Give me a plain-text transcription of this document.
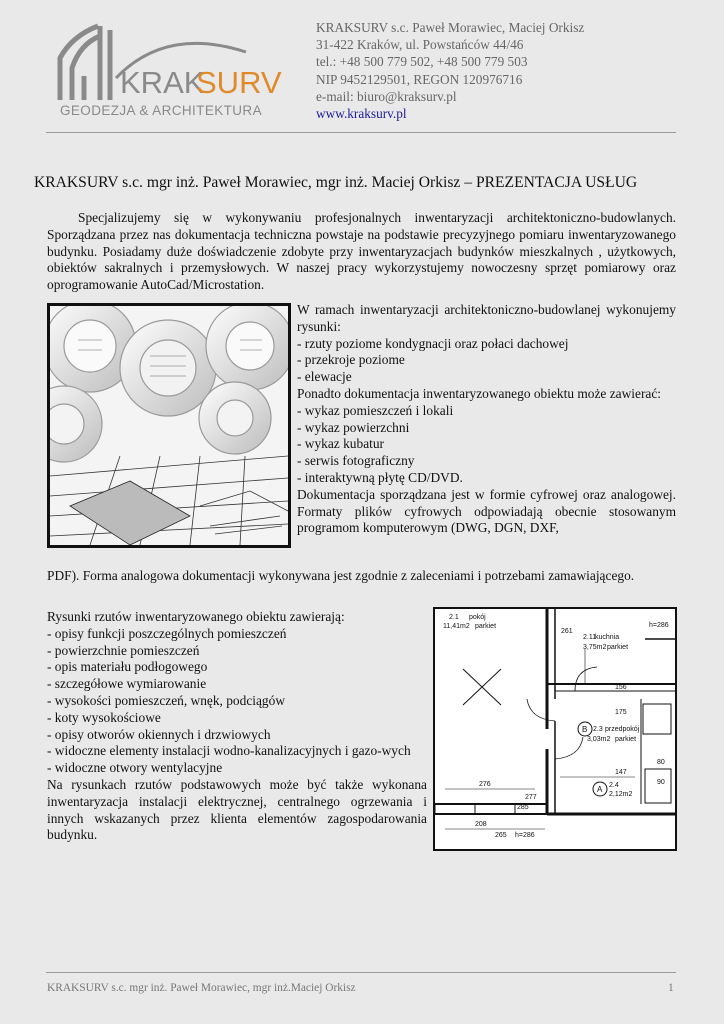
KRAK
SURV
GEODEZJA & ARCHITEKTURA
KRAKSURV s.c. Paweł Morawiec, Maciej Orkisz
31-422 Kraków, ul. Powstańców 44/46
tel.: +48 500 779 502, +48 500 779 503
NIP 9452129501, REGON 120976716
e-mail: biuro@kraksurv.pl
www.kraksurv.pl
KRAKSURV s.c. mgr inż. Paweł Morawiec, mgr inż. Maciej Orkisz – PREZENTACJA USŁUG
Specjalizujemy się w wykonywaniu profesjonalnych inwentaryzacji architektoniczno-budowlanych. Sporządzana przez nas dokumentacja techniczna powstaje na podstawie precyzyjnego pomiaru inwentaryzowanego budynku. Posiadamy duże doświadczenie zdobyte przy inwentaryzacjach budynków mieszkalnych , użytkowych, obiektów sakralnych i przemysłowych. W naszej pracy wykorzystujemy nowoczesny sprzęt pomiarowy oraz oprogramowanie AutoCad/Microstation.
W ramach inwentaryzacji architektoniczno-budowlanej wykonujemy rysunki:
- rzuty poziome kondygnacji oraz połaci dachowej
- przekroje poziome
- elewacje
Ponadto dokumentacja inwentaryzowanego obiektu może zawierać:
- wykaz pomieszczeń i lokali
- wykaz powierzchni
- wykaz kubatur
- serwis fotograficzny
- interaktywną płytę CD/DVD.
Dokumentacja sporządzana jest w formie cyfrowej oraz analogowej. Formaty plików cyfrowych odpowiadają obecnie stosowanym programom komputerowym (DWG, DGN, DXF,
PDF). Forma analogowa dokumentacji wykonywana jest zgodnie z zaleceniami i potrzebami zamawiającego.
Rysunki rzutów inwentaryzowanego obiektu zawierają:
- opisy funkcji poszczególnych pomieszczeń
- powierzchnie pomieszczeń
- opis materiału podłogowego
- szczegółowe wymiarowanie
- wysokości pomieszczeń, wnęk, podciągów
- koty wysokościowe
- opisy otworów okiennych i drzwiowych
- widoczne elementy instalacji wodno-kanalizacyjnych i gazo-wych
- widoczne otwory wentylacyjne
Na rysunkach rzutów podstawowych może być także wykonana inwentaryzacja instalacji elektrycznej, centralnego ogrzewania i innych wskazanych przez klienta elementów zagospodarowania budynku.
2.1 pokój
11,41m2 parkiet	h=286
2.11
kuchnia
3,75m2 parkiet
2.3 przedpokój
3,03m2 parkiet
2.4
2,12m2
B
A
276
208
277
285
265 h=286
261
156
147
175
80
90
KRAKSURV s.c. mgr inż. Paweł Morawiec, mgr inż.Maciej Orkisz	1
